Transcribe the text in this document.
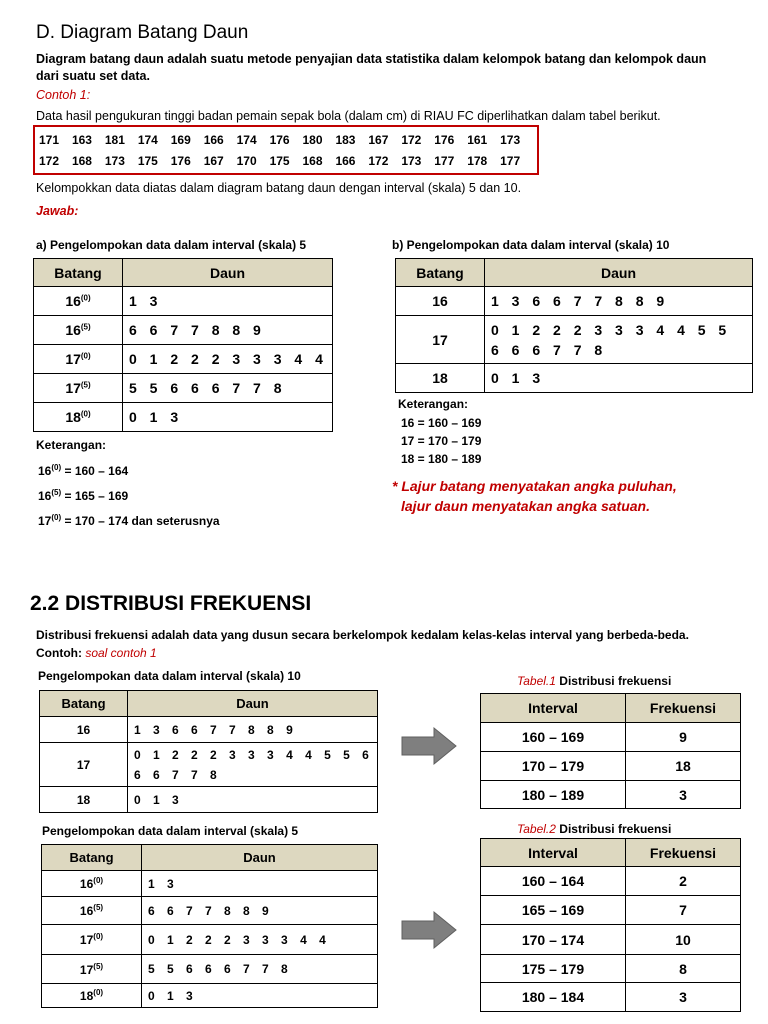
D. Diagram Batang Daun
Diagram batang daun adalah suatu metode penyajian data statistika dalam kelompok batang dan kelompok daun dari suatu set data.
Contoh 1:
Data hasil pengukuran tinggi badan pemain sepak bola (dalam cm) di RIAU FC diperlihatkan dalam tabel berikut.
171	163	181	174	169	166	174	176	180	183	167	172	176	161	173
172	168	173	175	176	167	170	175	168	166	172	173	177	178	177
Kelompokkan data diatas dalam diagram batang daun dengan interval (skala) 5 dan 10.
Jawab:
a) Pengelompokan data dalam interval (skala) 5
Batang	Daun
16$^{(0)}$	1 3
16$^{(5)}$	6 6 7 7 8 8 9
17$^{(0)}$	0 1 2 2 2 3 3 3 4 4
17$^{(5)}$	5 5 6 6 6 7 7 8
18$^{(0)}$	0 1 3
Keterangan:
$16^{(0)} = 160 - 164$
$16^{(5)} = 165 - 169$
$17^{(0)} = 170 - 174$ dan seterusnya
b) Pengelompokan data dalam interval (skala) 10
Batang	Daun
16	1 3 6 6 7 7 8 8 9
17	0 1 2 2 2 3 3 3 4 4 5 5 6 6 6 7 7 8
18	0 1 3
Keterangan:
16 = 160 – 169
17 = 170 – 179
18 = 180 – 189
* Lajur batang menyatakan angka puluhan,
lajur daun menyatakan angka satuan.
2.2 DISTRIBUSI FREKUENSI
Distribusi frekuensi adalah data yang dusun secara berkelompok kedalam kelas-kelas interval yang berbeda-beda.
Contoh: soal contoh 1
Pengelompokan data dalam interval (skala) 10
Batang	Daun
16	1 3 6 6 7 7 8 8 9
17	0 1 2 2 2 3 3 3 4 4 5 5 6 6 6 7 7 8
18	0 1 3
Pengelompokan data dalam interval (skala) 5
Batang	Daun
16$^{(0)}$	1 3
16$^{(5)}$	6 6 7 7 8 8 9
17$^{(0)}$	0 1 2 2 2 3 3 3 4 4
17$^{(5)}$	5 5 6 6 6 7 7 8
18$^{(0)}$	0 1 3
Tabel.1 Distribusi frekuensi
Interval	Frekuensi
160 – 169	9
170 – 179	18
180 – 189	3
Tabel.2 Distribusi frekuensi
Interval	Frekuensi
160 – 164	2
165 – 169	7
170 – 174	10
175 – 179	8
180 – 184	3
